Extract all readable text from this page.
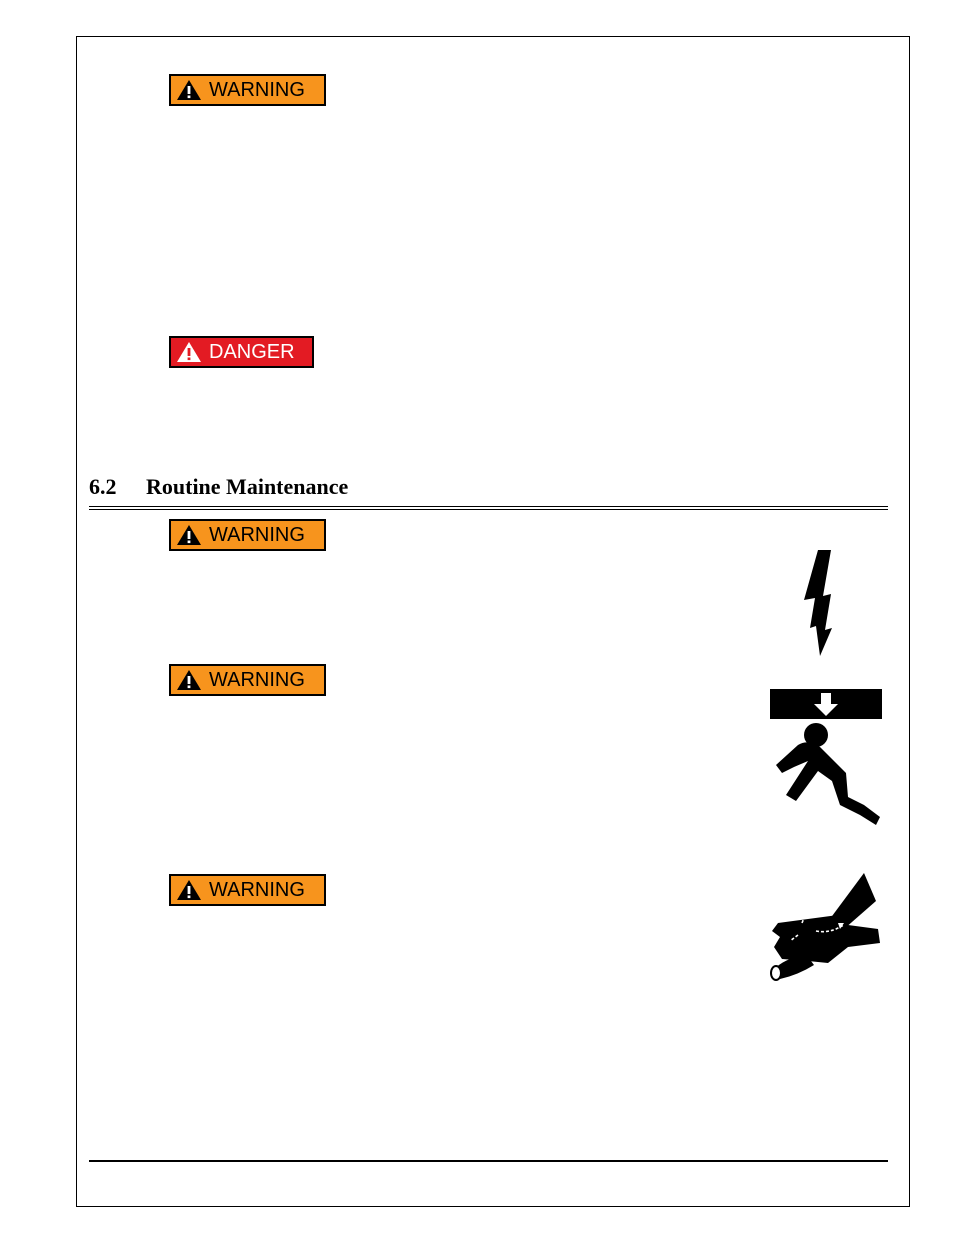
WARNING
DANGER
6.2	Routine Maintenance
WARNING
WARNING
WARNING
